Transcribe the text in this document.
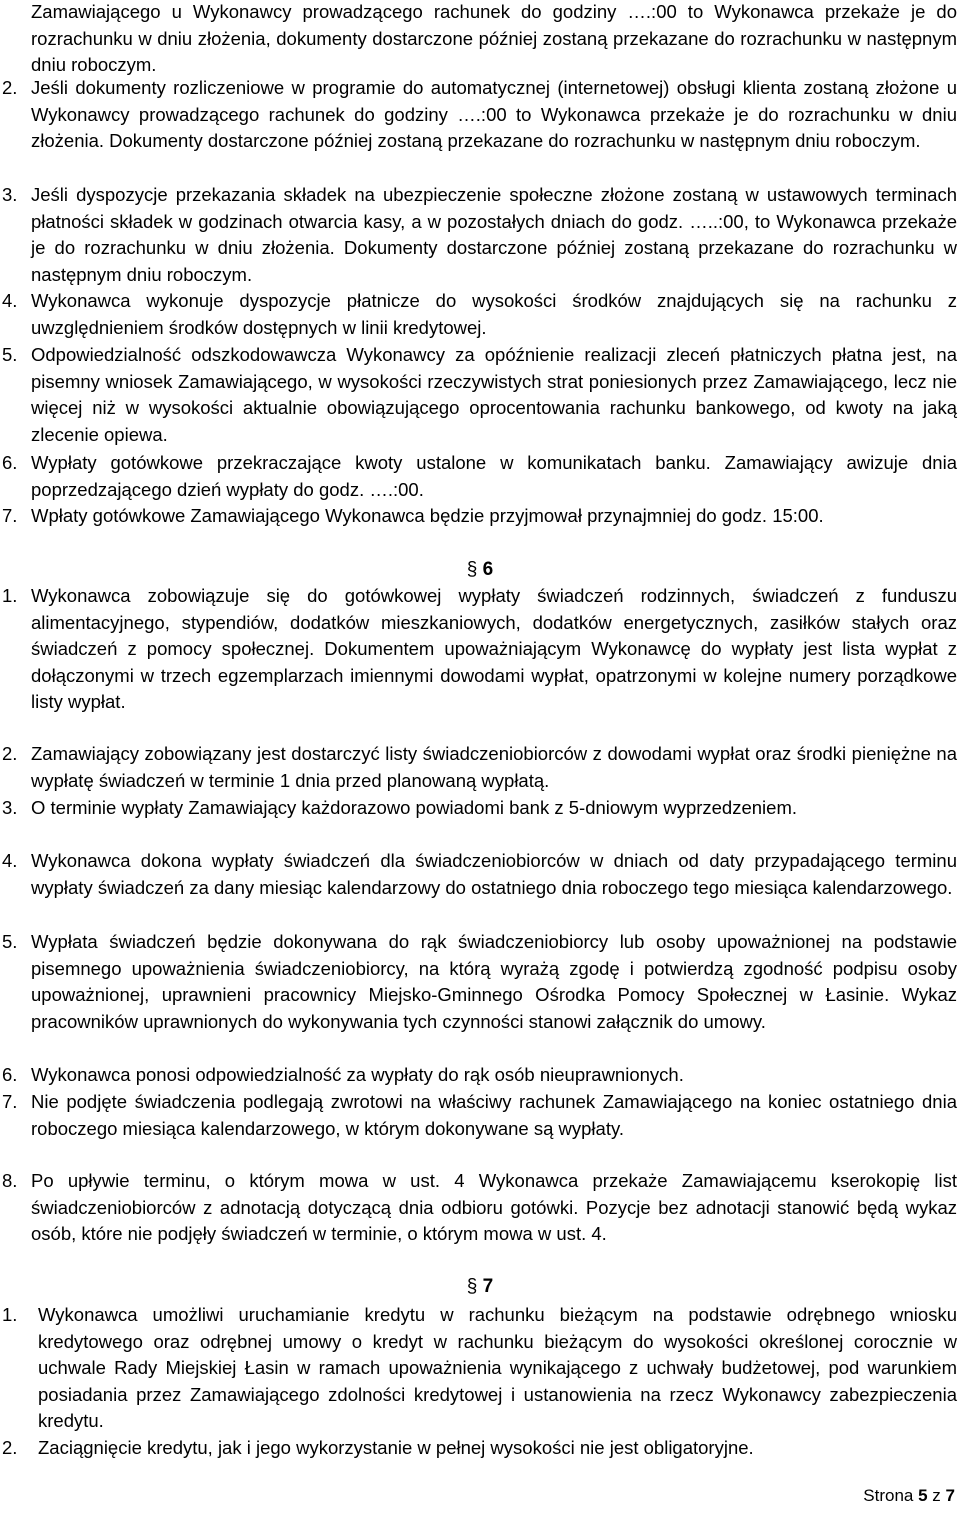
Zamawiającego u Wykonawcy prowadzącego rachunek do godziny ….:00 to Wykonawca przekaże je do rozrachunku w dniu złożenia, dokumenty dostarczone później zostaną przekazane do rozrachunku w następnym dniu roboczym.

2. Jeśli dokumenty rozliczeniowe w programie do automatycznej (internetowej) obsługi klienta zostaną złożone u Wykonawcy prowadzącego rachunek do godziny ….:00 to Wykonawca przekaże je do rozrachunku w dniu złożenia. Dokumenty dostarczone później zostaną przekazane do rozrachunku w następnym dniu roboczym.

3. Jeśli dyspozycje przekazania składek na ubezpieczenie społeczne złożone zostaną w ustawowych terminach płatności składek w godzinach otwarcia kasy, a w pozostałych dniach do godz. …..:00, to Wykonawca przekaże je do rozrachunku w dniu złożenia. Dokumenty dostarczone później zostaną przekazane do rozrachunku w następnym dniu roboczym.

4. Wykonawca wykonuje dyspozycje płatnicze do wysokości środków znajdujących się na rachunku z uwzględnieniem środków dostępnych w linii kredytowej.

5. Odpowiedzialność odszkodowawcza Wykonawcy za opóźnienie realizacji zleceń płatniczych płatna jest, na pisemny wniosek Zamawiającego, w wysokości rzeczywistych strat poniesionych przez Zamawiającego, lecz nie więcej niż w wysokości aktualnie obowiązującego oprocentowania rachunku bankowego, od kwoty na jaką zlecenie opiewa.

6. Wypłaty gotówkowe przekraczające kwoty ustalone w komunikatach banku. Zamawiający awizuje dnia poprzedzającego dzień wypłaty do godz. ….:00.

7. Wpłaty gotówkowe Zamawiającego Wykonawca będzie przyjmował przynajmniej do godz. 15:00.

§ 6
1. Wykonawca zobowiązuje się do gotówkowej wypłaty świadczeń rodzinnych, świadczeń z funduszu alimentacyjnego, stypendiów, dodatków mieszkaniowych, dodatków energetycznych, zasiłków stałych oraz świadczeń z pomocy społecznej. Dokumentem upoważniającym Wykonawcę do wypłaty jest lista wypłat z dołączonymi w trzech egzemplarzach imiennymi dowodami wypłat, opatrzonymi w kolejne numery porządkowe listy wypłat.

2. Zamawiający zobowiązany jest dostarczyć listy świadczeniobiorców z dowodami wypłat oraz środki pieniężne na wypłatę świadczeń w terminie 1 dnia przed planowaną wypłatą.

3. O terminie wypłaty Zamawiający każdorazowo powiadomi bank z 5-dniowym wyprzedzeniem.

4. Wykonawca dokona wypłaty świadczeń dla świadczeniobiorców w dniach od daty przypadającego terminu wypłaty świadczeń za dany miesiąc kalendarzowy do ostatniego dnia roboczego tego miesiąca kalendarzowego.

5. Wypłata świadczeń będzie dokonywana do rąk świadczeniobiorcy lub osoby upoważnionej na podstawie pisemnego upoważnienia świadczeniobiorcy, na którą wyrażą zgodę i potwierdzą zgodność podpisu osoby upoważnionej, uprawnieni pracownicy Miejsko-Gminnego Ośrodka Pomocy Społecznej w Łasinie. Wykaz pracowników uprawnionych do wykonywania tych czynności stanowi załącznik do umowy.

6. Wykonawca ponosi odpowiedzialność za wypłaty do rąk osób nieuprawnionych.

7. Nie podjęte świadczenia podlegają zwrotowi na właściwy rachunek Zamawiającego na koniec ostatniego dnia roboczego miesiąca kalendarzowego, w którym dokonywane są wypłaty.

8. Po upływie terminu, o którym mowa w ust. 4 Wykonawca przekaże Zamawiającemu kserokopię list świadczeniobiorców z adnotacją dotyczącą dnia odbioru gotówki. Pozycje bez adnotacji stanowić będą wykaz osób, które nie podjęły świadczeń w terminie, o którym mowa w ust. 4.

§ 7
1. Wykonawca umożliwi uruchamianie kredytu w rachunku bieżącym na podstawie odrębnego wniosku kredytowego oraz odrębnej umowy o kredyt w rachunku bieżącym do wysokości określonej corocznie w uchwale Rady Miejskiej Łasin w ramach upoważnienia wynikającego z uchwały budżetowej, pod warunkiem posiadania przez Zamawiającego zdolności kredytowej i ustanowienia na rzecz Wykonawcy zabezpieczenia kredytu.

2. Zaciągnięcie kredytu, jak i jego wykorzystanie w pełnej wysokości nie jest obligatoryjne.

Strona 5 z 7
